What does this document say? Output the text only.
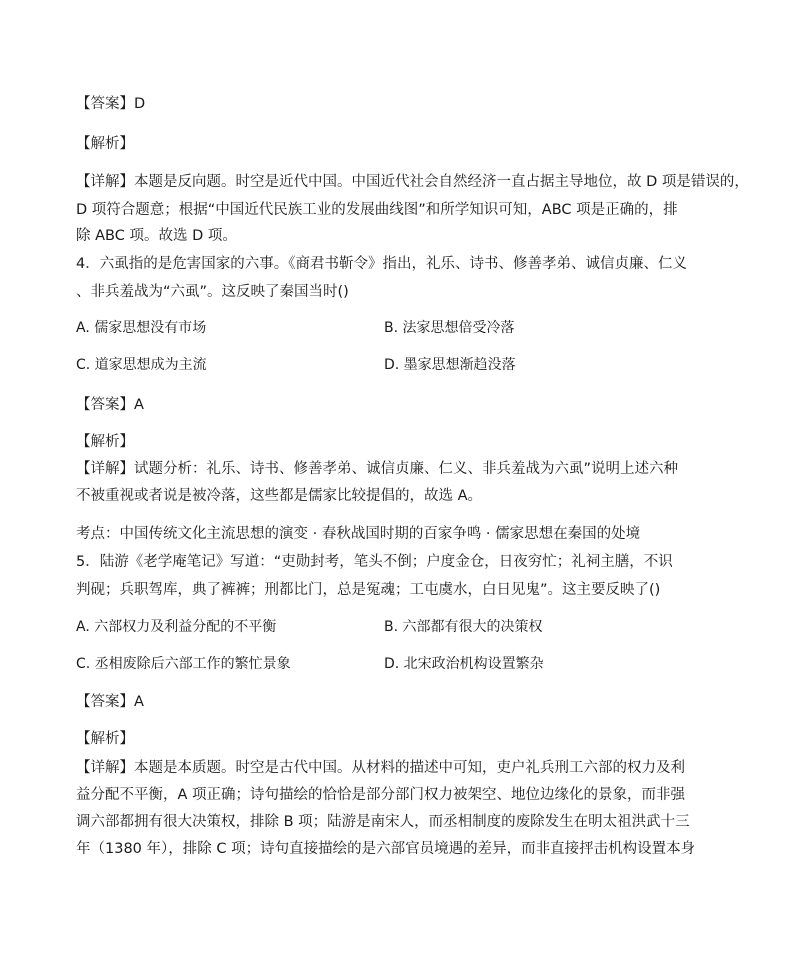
【答案】D
【解析】
【详解】本题是反向题。时空是近代中国。中国近代社会自然经济一直占据主导地位，故 D 项是错误的，
D 项符合题意；根据“中国近代民族工业的发展曲线图”和所学知识可知，ABC 项是正确的，排
除 ABC 项。故选 D 项。
4．六虱指的是危害国家的六事。《商君书靳令》指出，礼乐、诗书、修善孝弟、诚信贞廉、仁义
、非兵羞战为“六虱”。这反映了秦国当时()
A. 儒家思想没有市场	B. 法家思想倍受冷落
C. 道家思想成为主流	D. 墨家思想渐趋没落
【答案】A
【解析】
【详解】试题分析：礼乐、诗书、修善孝弟、诚信贞廉、仁义、非兵羞战为六虱”说明上述六种
不被重视或者说是被冷落，这些都是儒家比较提倡的，故选 A。
考点：中国传统文化主流思想的演变 · 春秋战国时期的百家争鸣 · 儒家思想在秦国的处境
5．陆游《老学庵笔记》写道：“吏勋封考，笔头不倒；户度金仓，日夜穷忙；礼祠主膳，不识
判砚；兵职驾库，典了裤裤；刑都比门，总是冤魂；工屯虞水，白日见鬼”。这主要反映了()
A. 六部权力及利益分配的不平衡	B. 六部都有很大的决策权
C. 丞相废除后六部工作的繁忙景象	D. 北宋政治机构设置繁杂
【答案】A
【解析】
【详解】本题是本质题。时空是古代中国。从材料的描述中可知，吏户礼兵刑工六部的权力及利
益分配不平衡，A 项正确；诗句描绘的恰恰是部分部门权力被架空、地位边缘化的景象，而非强
调六部都拥有很大决策权，排除 B 项；陆游是南宋人，而丞相制度的废除发生在明太祖洪武十三
年（1380 年），排除 C 项；诗句直接描绘的是六部官员境遇的差异，而非直接抨击机构设置本身
